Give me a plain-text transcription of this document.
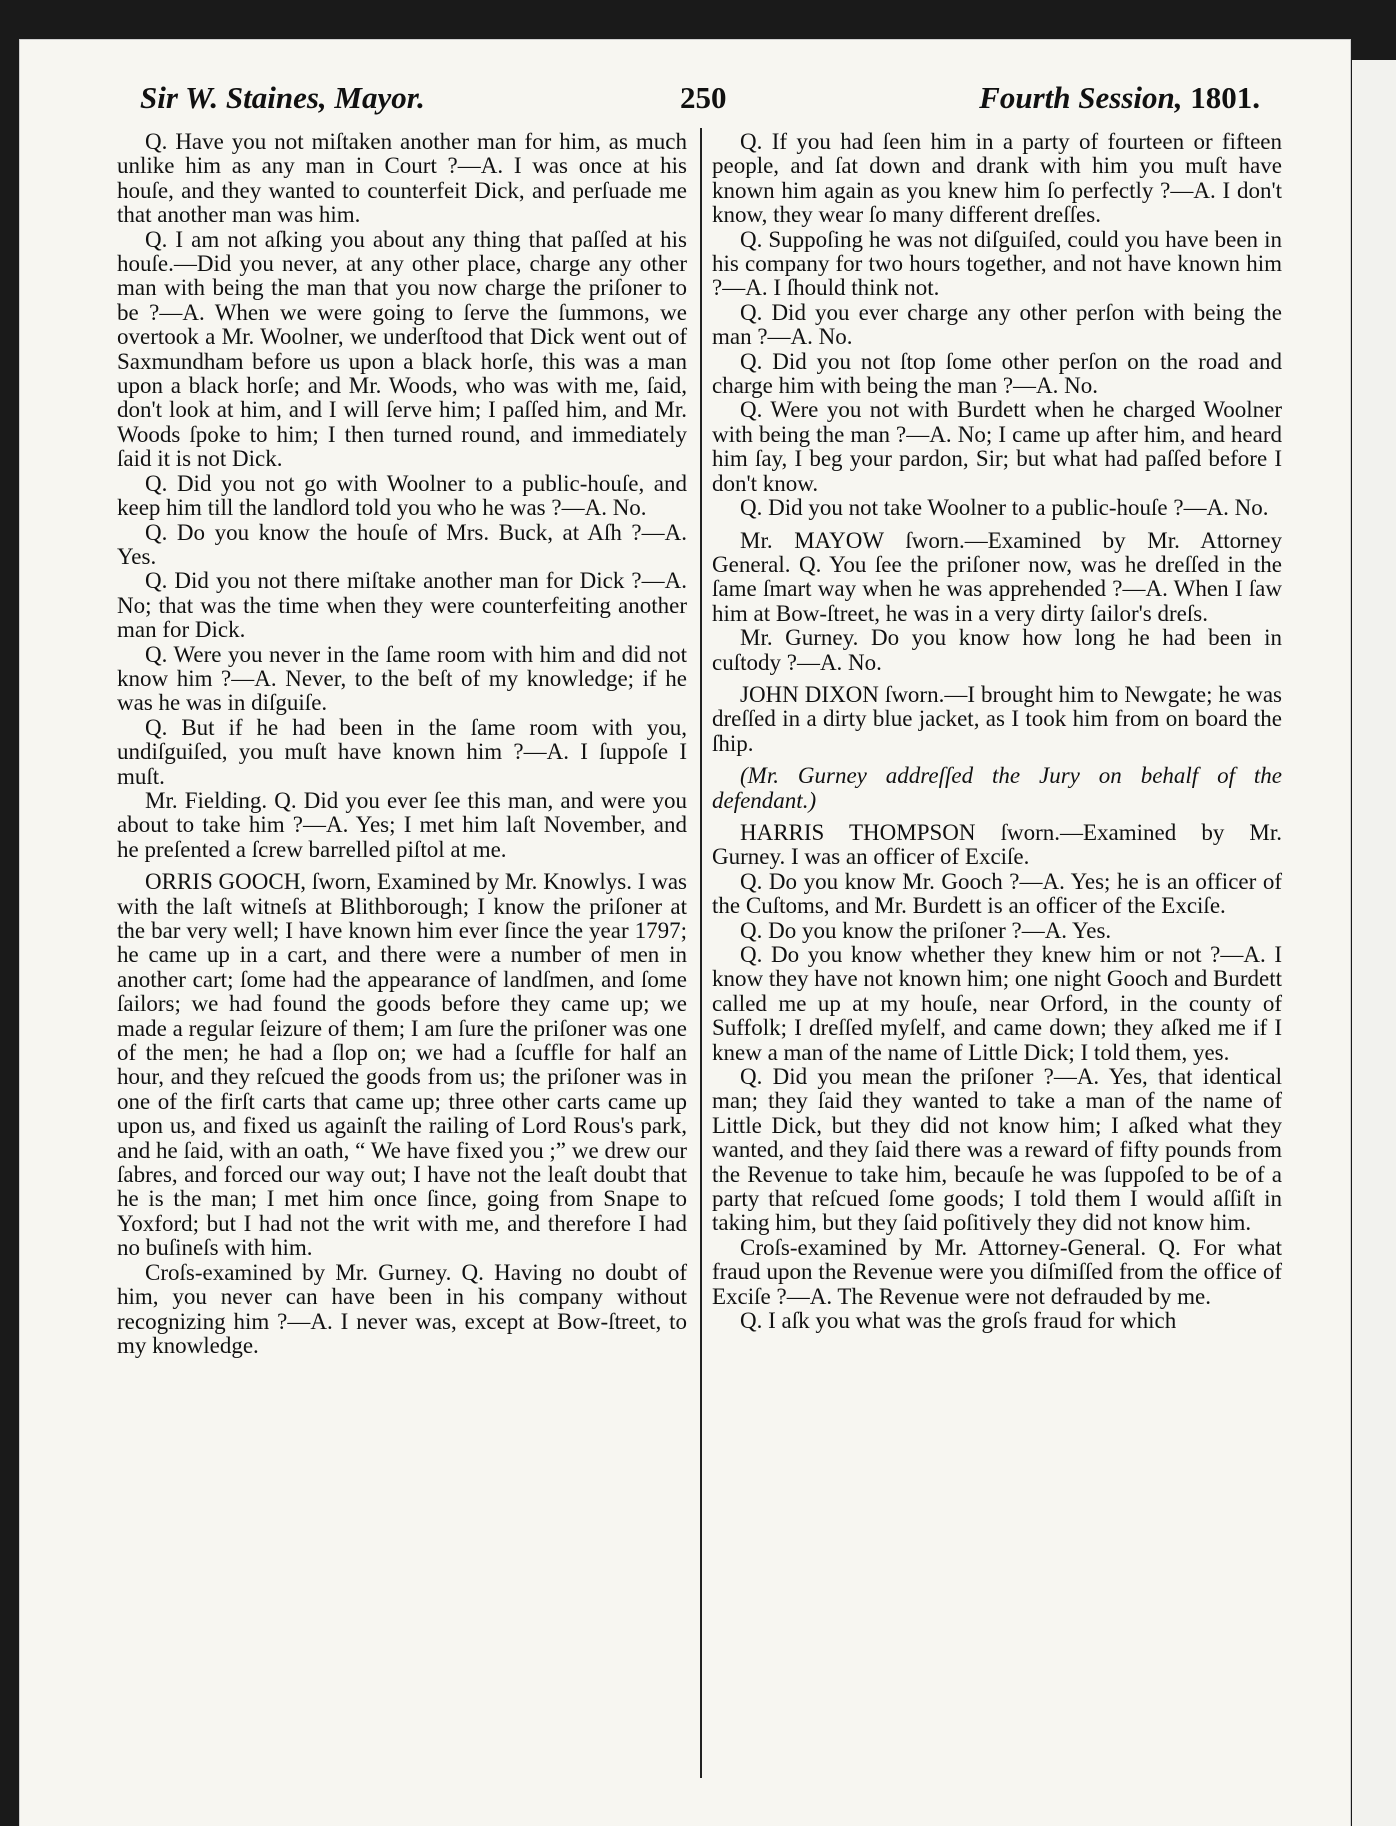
Sir W. Staines, Mayor.	250	Fourth Session, 1801.

Q. Have you not miſtaken another man for him, as much unlike him as any man in Court ?—A. I was once at his houſe, and they wanted to counterfeit Dick, and perſuade me that another man was him.

Q. I am not aſking you about any thing that paſſed at his houſe.—Did you never, at any other place, charge any other man with being the man that you now charge the priſoner to be ?—A. When we were going to ſerve the ſummons, we overtook a Mr. Woolner, we underſtood that Dick went out of Saxmundham before us upon a black horſe, this was a man upon a black horſe; and Mr. Woods, who was with me, ſaid, don't look at him, and I will ſerve him; I paſſed him, and Mr. Woods ſpoke to him; I then turned round, and immediately ſaid it is not Dick.

Q. Did you not go with Woolner to a public-houſe, and keep him till the landlord told you who he was ?—A. No.

Q. Do you know the houſe of Mrs. Buck, at Aſh ?—A. Yes.

Q. Did you not there miſtake another man for Dick ?—A. No; that was the time when they were counterfeiting another man for Dick.

Q. Were you never in the ſame room with him and did not know him ?—A. Never, to the beſt of my knowledge; if he was he was in diſguiſe.

Q. But if he had been in the ſame room with you, undiſguiſed, you muſt have known him ?—A. I ſuppoſe I muſt.

Mr. Fielding. Q. Did you ever ſee this man, and were you about to take him ?—A. Yes; I met him laſt November, and he preſented a ſcrew barrelled piſtol at me.

ORRIS GOOCH, ſworn, Examined by Mr. Knowlys. I was with the laſt witneſs at Blithborough; I know the priſoner at the bar very well; I have known him ever ſince the year 1797; he came up in a cart, and there were a number of men in another cart; ſome had the appearance of landſmen, and ſome ſailors; we had found the goods before they came up; we made a regular ſeizure of them; I am ſure the priſoner was one of the men; he had a ſlop on; we had a ſcuffle for half an hour, and they reſcued the goods from us; the priſoner was in one of the firſt carts that came up; three other carts came up upon us, and fixed us againſt the railing of Lord Rous's park, and he ſaid, with an oath, “ We have fixed you ;” we drew our ſabres, and forced our way out; I have not the leaſt doubt that he is the man; I met him once ſince, going from Snape to Yoxford; but I had not the writ with me, and therefore I had no buſineſs with him.

Croſs-examined by Mr. Gurney. Q. Having no doubt of him, you never can have been in his company without recognizing him ?—A. I never was, except at Bow-ſtreet, to my knowledge.

Q. If you had ſeen him in a party of fourteen or fifteen people, and ſat down and drank with him you muſt have known him again as you knew him ſo perfectly ?—A. I don't know, they wear ſo many different dreſſes.

Q. Suppoſing he was not diſguiſed, could you have been in his company for two hours together, and not have known him ?—A. I ſhould think not.

Q. Did you ever charge any other perſon with being the man ?—A. No.

Q. Did you not ſtop ſome other perſon on the road and charge him with being the man ?—A. No.

Q. Were you not with Burdett when he charged Woolner with being the man ?—A. No; I came up after him, and heard him ſay, I beg your pardon, Sir; but what had paſſed before I don't know.

Q. Did you not take Woolner to a public-houſe ?—A. No.

Mr. MAYOW ſworn.—Examined by Mr. Attorney General. Q. You ſee the priſoner now, was he dreſſed in the ſame ſmart way when he was apprehended ?—A. When I ſaw him at Bow-ſtreet, he was in a very dirty ſailor's dreſs.

Mr. Gurney. Do you know how long he had been in cuſtody ?—A. No.

JOHN DIXON ſworn.—I brought him to Newgate; he was dreſſed in a dirty blue jacket, as I took him from on board the ſhip.

(Mr. Gurney addreſſed the Jury on behalf of the defendant.)

HARRIS THOMPSON ſworn.—Examined by Mr. Gurney. I was an officer of Exciſe.

Q. Do you know Mr. Gooch ?—A. Yes; he is an officer of the Cuſtoms, and Mr. Burdett is an officer of the Exciſe.

Q. Do you know the priſoner ?—A. Yes.

Q. Do you know whether they knew him or not ?—A. I know they have not known him; one night Gooch and Burdett called me up at my houſe, near Orford, in the county of Suffolk; I dreſſed myſelf, and came down; they aſked me if I knew a man of the name of Little Dick; I told them, yes.

Q. Did you mean the priſoner ?—A. Yes, that identical man; they ſaid they wanted to take a man of the name of Little Dick, but they did not know him; I aſked what they wanted, and they ſaid there was a reward of fifty pounds from the Revenue to take him, becauſe he was ſuppoſed to be of a party that reſcued ſome goods; I told them I would aſſiſt in taking him, but they ſaid poſitively they did not know him.

Croſs-examined by Mr. Attorney-General. Q. For what fraud upon the Revenue were you diſmiſſed from the office of Exciſe ?—A. The Revenue were not defrauded by me.

Q. I aſk you what was the groſs fraud for which
